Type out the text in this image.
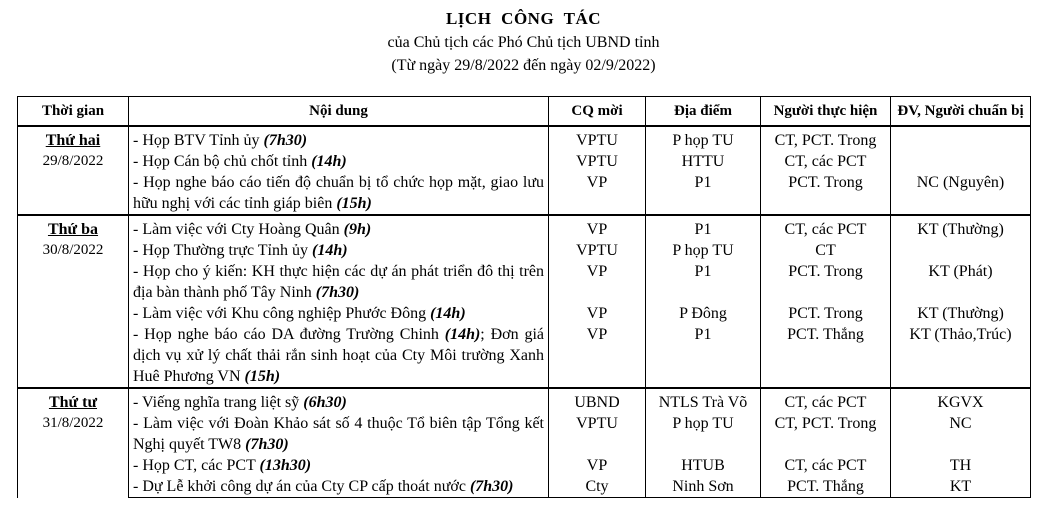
LỊCH CÔNG TÁC
của Chủ tịch các Phó Chủ tịch UBND tỉnh
(Từ ngày 29/8/2022 đến ngày 02/9/2022)
Thời gian	Nội dung	CQ mời	Địa điểm	Người thực hiện	ĐV, Người chuẩn bị

Thứ hai
29/8/2022	- Họp BTV Tỉnh ủy (7h30)	VPTU	P họp TU	CT, PCT. Trong	
	- Họp Cán bộ chủ chốt tỉnh (14h)	VPTU	HTTU	CT, các PCT	
	- Họp nghe báo cáo tiến độ chuẩn bị tổ chức họp mặt, giao lưu hữu nghị với các tỉnh giáp biên (15h)	VP	P1	PCT. Trong	NC (Nguyên)

Thứ ba
30/8/2022	- Làm việc với Cty Hoàng Quân (9h)	VP	P1	CT, các PCT	KT (Thường)
	- Họp Thường trực Tỉnh ủy (14h)	VPTU	P họp TU	CT	
	- Họp cho ý kiến: KH thực hiện các dự án phát triển đô thị trên địa bàn thành phố Tây Ninh (7h30)	VP	P1	PCT. Trong	KT (Phát)
	- Làm việc với Khu công nghiệp Phước Đông (14h)	VP	P Đông	PCT. Trong	KT (Thường)
	- Họp nghe báo cáo DA đường Trường Chinh (14h); Đơn giá dịch vụ xử lý chất thải rắn sinh hoạt của Cty Môi trường Xanh Huê Phương VN (15h)	VP	P1	PCT. Thắng	KT (Thảo,Trúc)

Thứ tư
31/8/2022	- Viếng nghĩa trang liệt sỹ (6h30)	UBND	NTLS Trà Võ	CT, các PCT	KGVX
	- Làm việc với Đoàn Khảo sát số 4 thuộc Tổ biên tập Tổng kết Nghị quyết TW8 (7h30)	VPTU	P họp TU	CT, PCT. Trong	NC
	- Họp CT, các PCT (13h30)	VP	HTUB	CT, các PCT	TH
	- Dự Lễ khởi công dự án của Cty CP cấp thoát nước (7h30)	Cty	Ninh Sơn	PCT. Thắng	KT
